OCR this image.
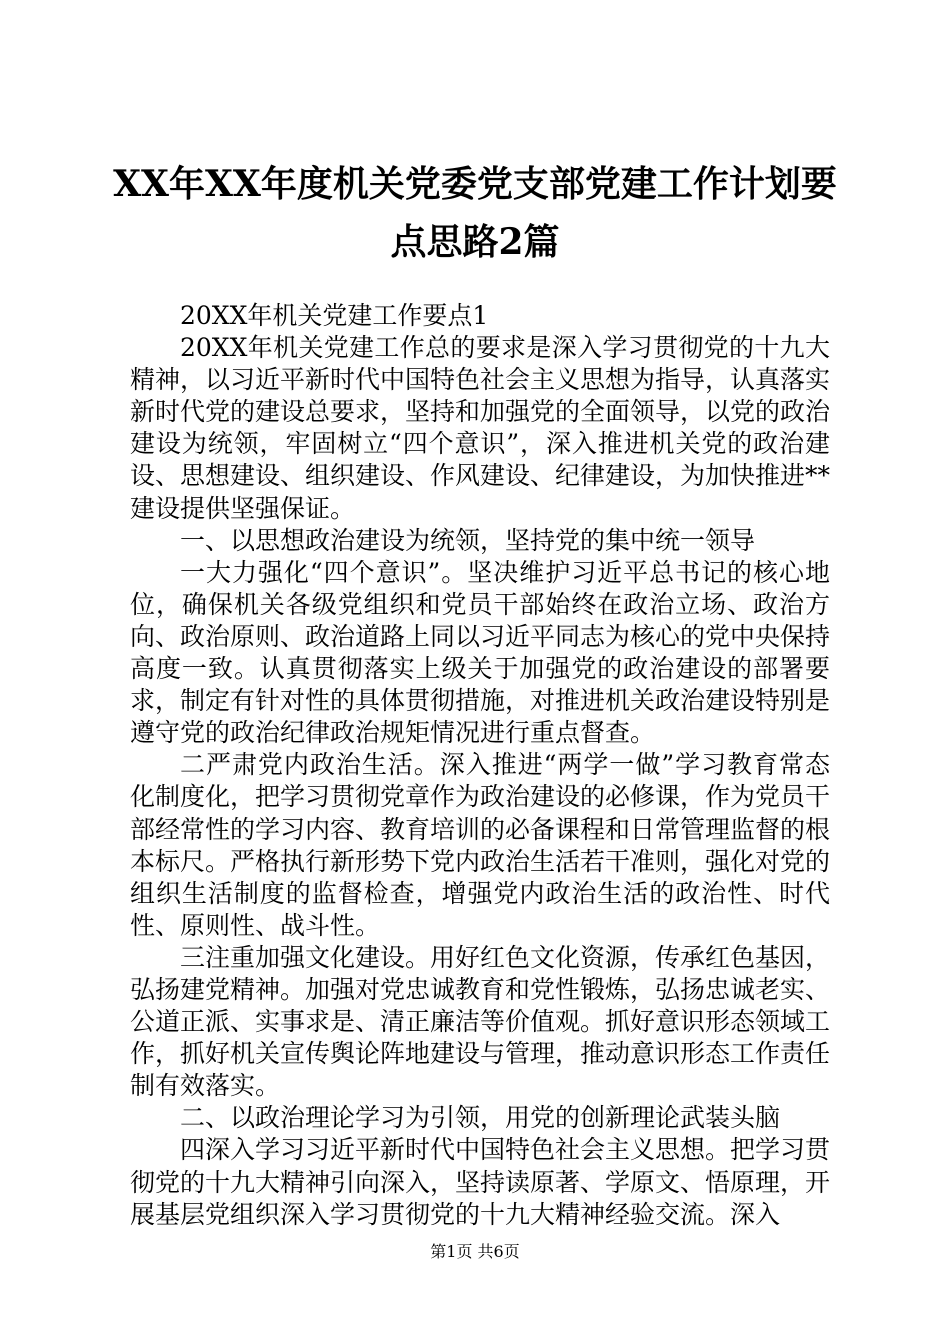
XX年XX年度机关党委党支部党建工作计划要
点思路2篇

20XX年机关党建工作要点1

20XX年机关党建工作总的要求是深入学习贯彻党的十九大精神，以习近平新时代中国特色社会主义思想为指导，认真落实新时代党的建设总要求，坚持和加强党的全面领导，以党的政治建设为统领，牢固树立“四个意识”，深入推进机关党的政治建设、思想建设、组织建设、作风建设、纪律建设，为加快推进**建设提供坚强保证。

一、以思想政治建设为统领，坚持党的集中统一领导

一大力强化“四个意识”。坚决维护习近平总书记的核心地位，确保机关各级党组织和党员干部始终在政治立场、政治方向、政治原则、政治道路上同以习近平同志为核心的党中央保持高度一致。认真贯彻落实上级关于加强党的政治建设的部署要求，制定有针对性的具体贯彻措施，对推进机关政治建设特别是遵守党的政治纪律政治规矩情况进行重点督查。

二严肃党内政治生活。深入推进“两学一做”学习教育常态化制度化，把学习贯彻党章作为政治建设的必修课，作为党员干部经常性的学习内容、教育培训的必备课程和日常管理监督的根本标尺。严格执行新形势下党内政治生活若干准则，强化对党的组织生活制度的监督检查，增强党内政治生活的政治性、时代性、原则性、战斗性。

三注重加强文化建设。用好红色文化资源，传承红色基因，弘扬建党精神。加强对党忠诚教育和党性锻炼，弘扬忠诚老实、公道正派、实事求是、清正廉洁等价值观。抓好意识形态领域工作，抓好机关宣传舆论阵地建设与管理，推动意识形态工作责任制有效落实。

二、以政治理论学习为引领，用党的创新理论武装头脑

四深入学习习近平新时代中国特色社会主义思想。把学习贯彻党的十九大精神引向深入，坚持读原著、学原文、悟原理，开展基层党组织深入学习贯彻党的十九大精神经验交流。深入

第1页 共6页
